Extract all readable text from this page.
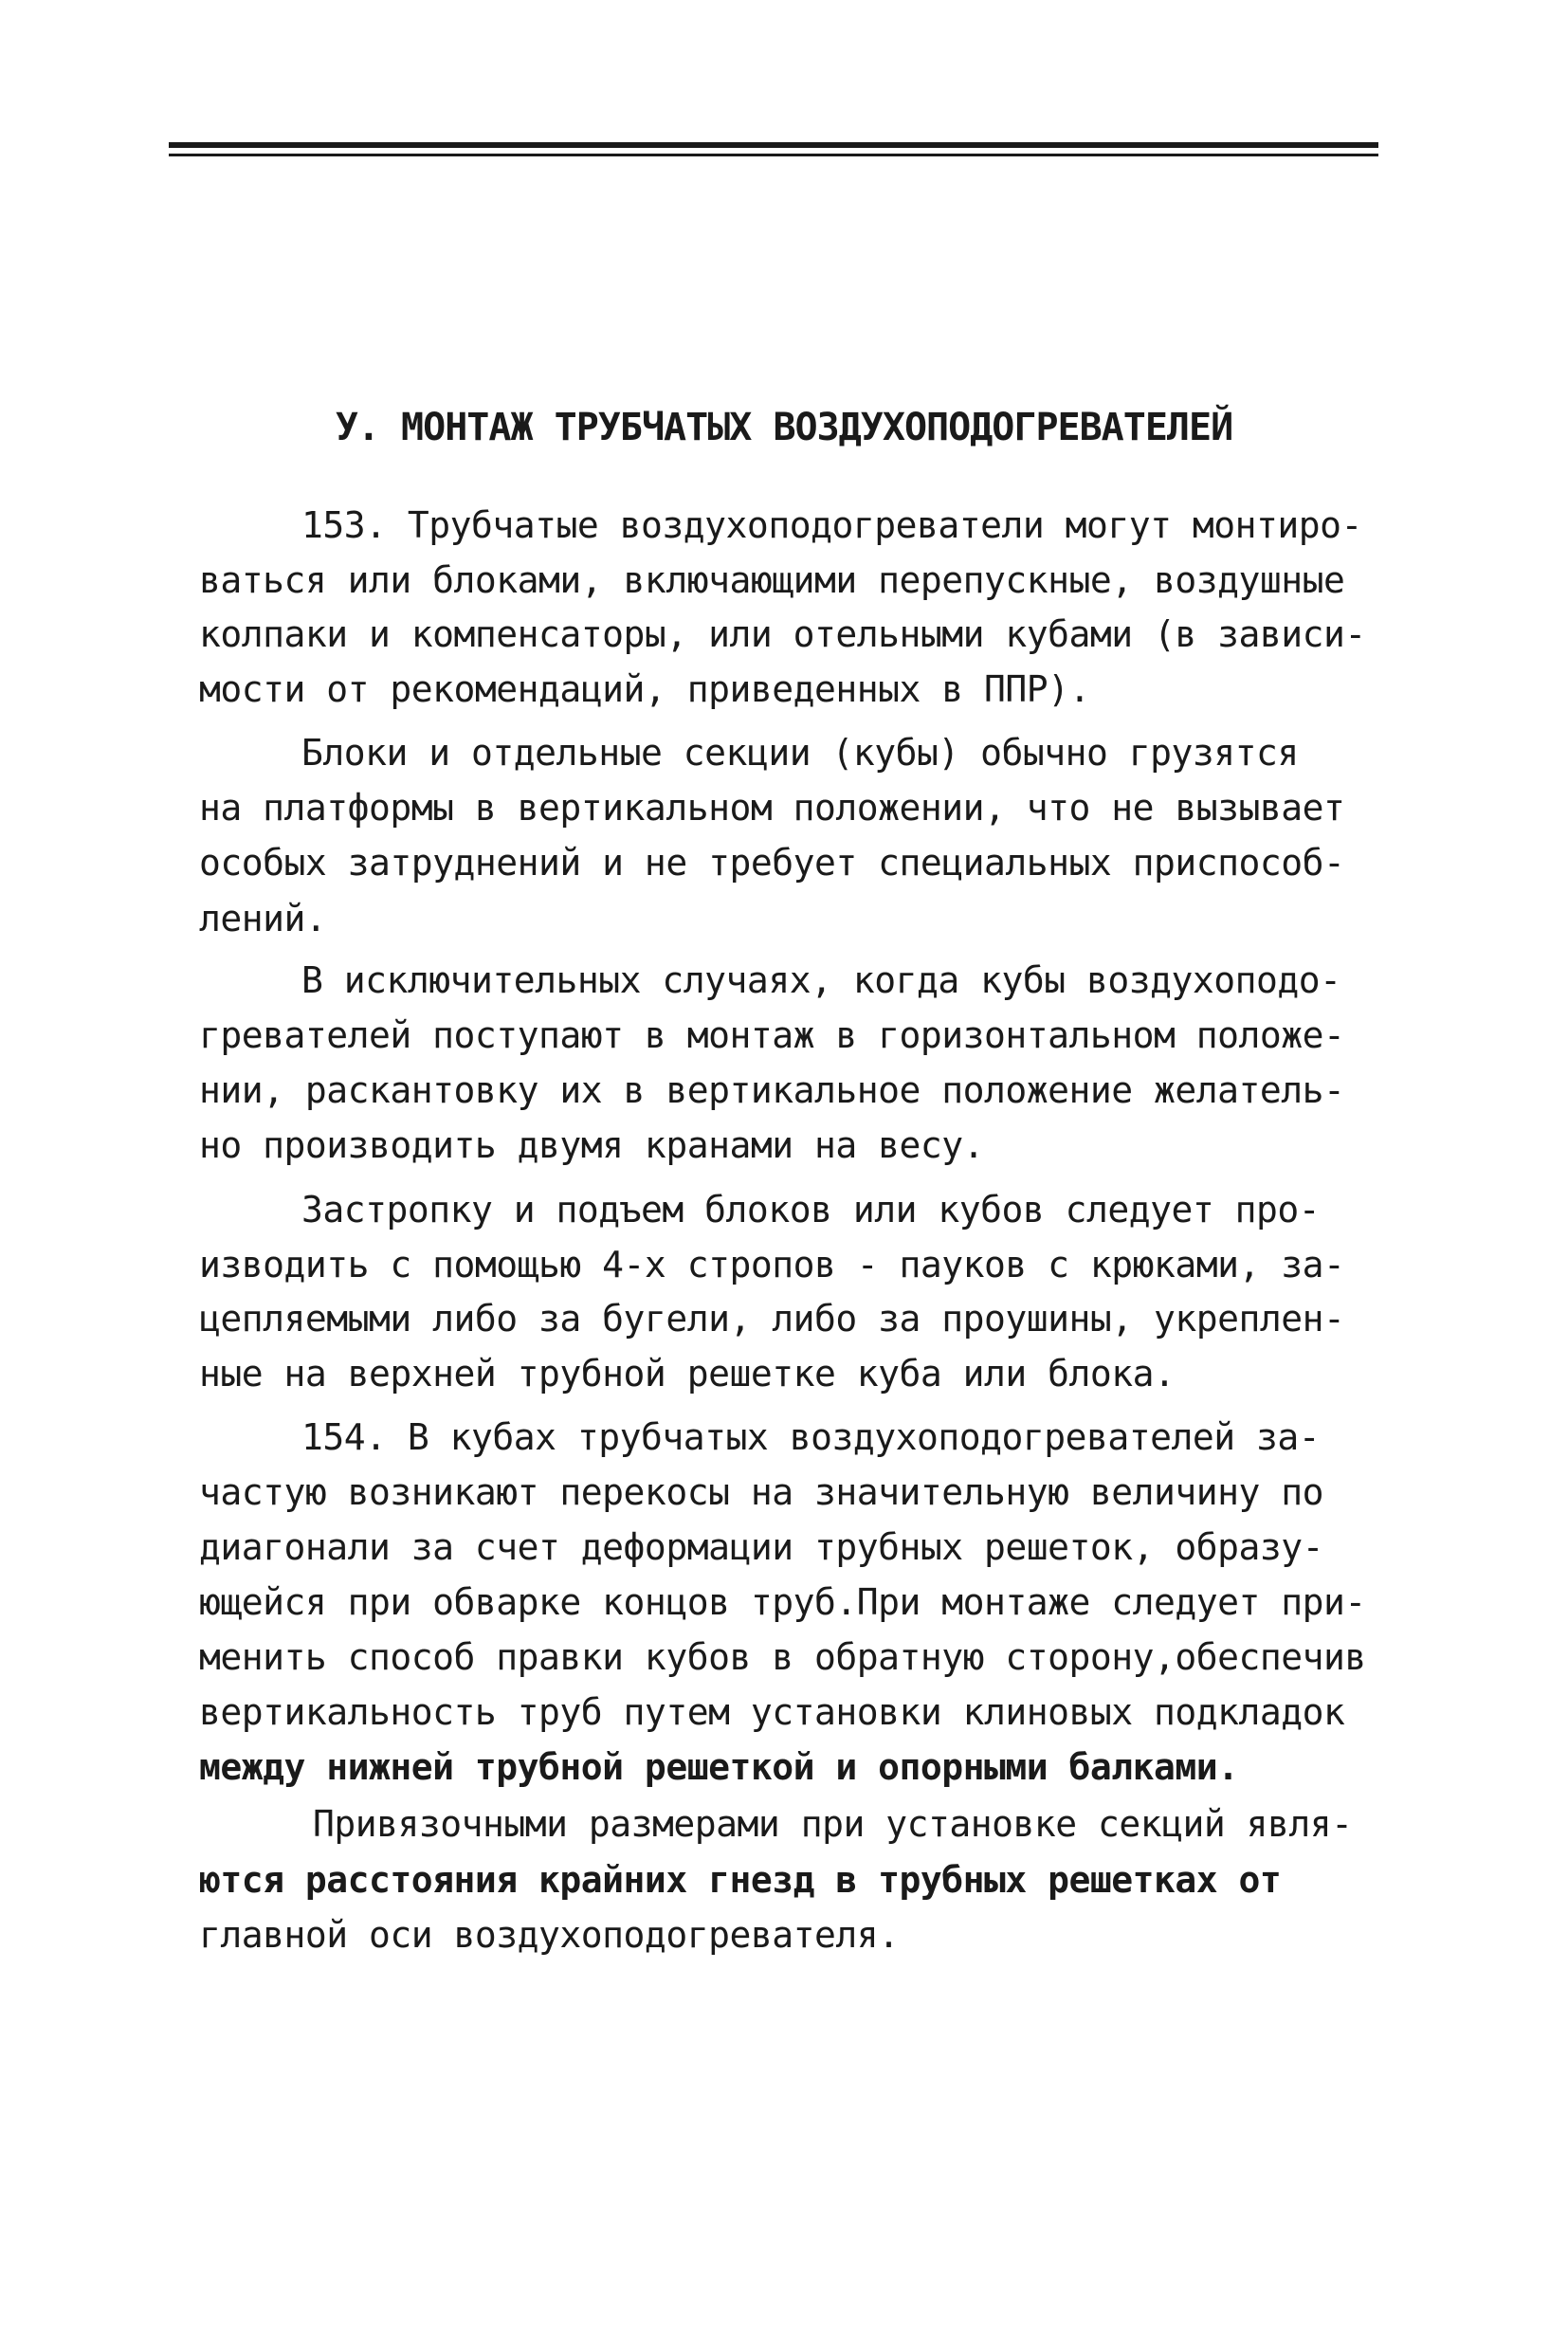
У. МОНТАЖ ТРУБЧАТЫХ ВОЗДУХОПОДОГРЕВАТЕЛЕЙ
153. Трубчатые воздухоподогреватели могут монтиро-
ваться или блоками, включающими перепускные, воздушные
колпаки и компенсаторы, или отельными кубами (в зависи-
мости от рекомендаций, приведенных в ППР).
Блоки и отдельные секции (кубы) обычно грузятся
на платформы в вертикальном положении, что не вызывает
особых затруднений и не требует специальных приспособ-
лений.
В исключительных случаях, когда кубы воздухоподо-
гревателей поступают в монтаж в горизонтальном положе-
нии, раскантовку их в вертикальное положение желатель-
но производить двумя кранами на весу.
Застропку и подъем блоков или кубов следует про-
изводить с помощью 4-х стропов - пауков с крюками, за-
цепляемыми либо за бугели, либо за проушины, укреплен-
ные на верхней трубной решетке куба или блока.
154. В кубах трубчатых воздухоподогревателей за-
частую возникают перекосы на значительную величину по
диагонали за счет деформации трубных решеток, образу-
ющейся при обварке концов труб.При монтаже следует при-
менить способ правки кубов в обратную сторону,обеспечив
вертикальность труб путем установки клиновых подкладок
между нижней трубной решеткой и опорными балками.
Привязочными размерами при установке секций явля-
ются расстояния крайних гнезд в трубных решетках от
главной оси воздухоподогревателя.
